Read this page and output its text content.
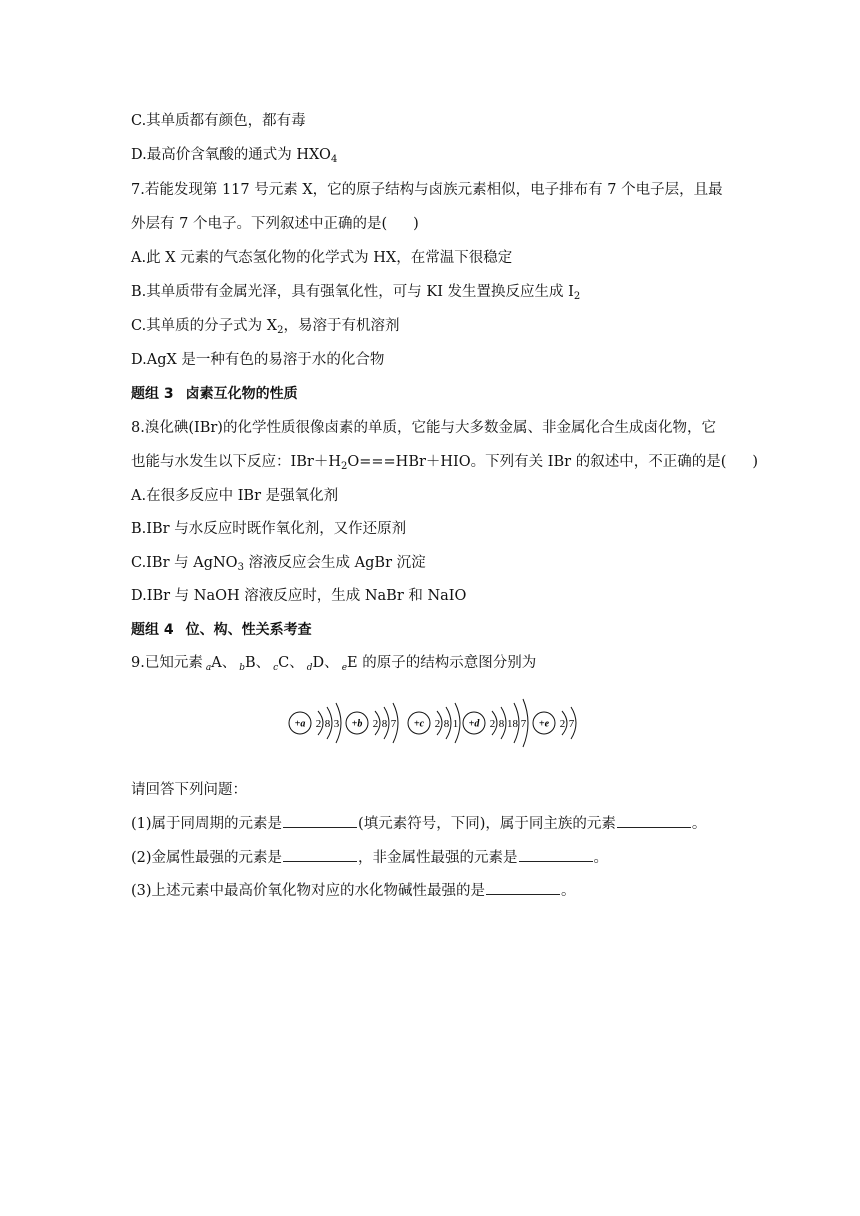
C.其单质都有颜色，都有毒
D.最高价含氧酸的通式为 $HXO_4$
7.若能发现第 117 号元素 X，它的原子结构与卤族元素相似，电子排布有 7 个电子层，且最
外层有 7 个电子。下列叙述中正确的是( )
A.此 X 元素的气态氢化物的化学式为 HX，在常温下很稳定
B.其单质带有金属光泽，具有强氧化性，可与 KI 发生置换反应生成 $I_2$
C.其单质的分子式为 $X_2$，易溶于有机溶剂
D.AgX 是一种有色的易溶于水的化合物
题组 3 卤素互化物的性质
8.溴化碘(IBr)的化学性质很像卤素的单质，它能与大多数金属、非金属化合生成卤化物，它
也能与水发生以下反应：$IBr+H_2O===HBr+HIO$。下列有关 IBr 的叙述中，不正确的是( )
A.在很多反应中 IBr 是强氧化剂
B.IBr 与水反应时既作氧化剂，又作还原剂
C.IBr 与 AgNO$_3$ 溶液反应会生成 AgBr 沉淀
D.IBr 与 NaOH 溶液反应时，生成 NaBr 和 NaIO
题组 4 位、构、性关系考查
9.已知元素 $_a$A、 $_b$B、 $_c$C、 $_d$D、 $_e$E 的原子的结构示意图分别为
+a 2 8 3 +b 2 8 7 +c 2 8 1 +d 2 8 18 7 +e 2 7
请回答下列问题：
(1)属于同周期的元素是	(填元素符号，下同)，属于同主族的元素	。
(2)金属性最强的元素是	，非金属性最强的元素是	。
(3)上述元素中最高价氧化物对应的水化物碱性最强的是	。
